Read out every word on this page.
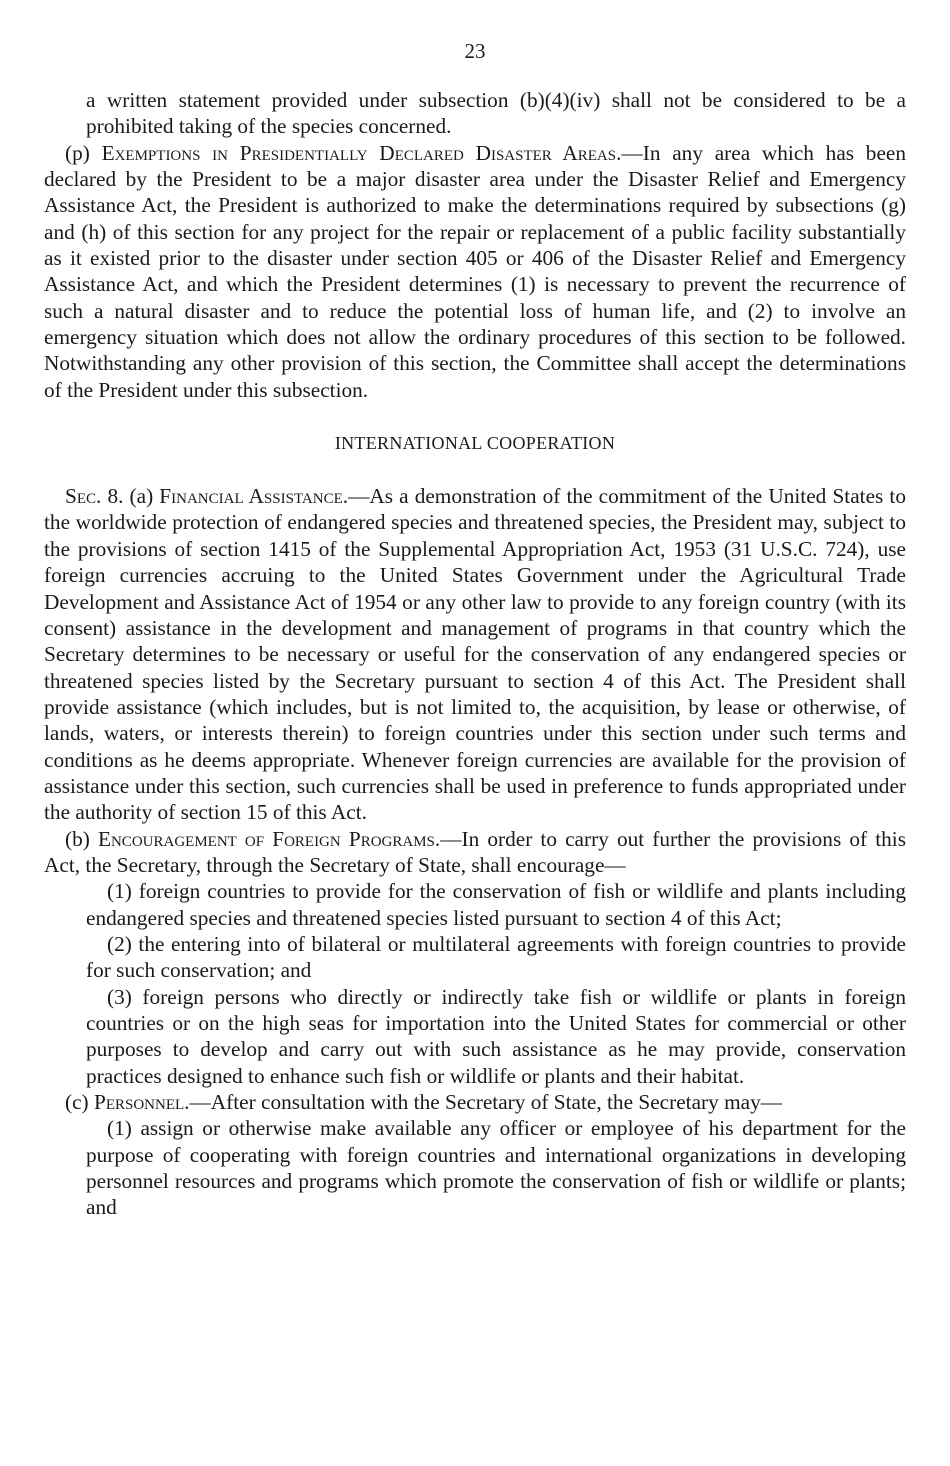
23

a written statement provided under subsection (b)(4)(iv) shall not be considered to be a prohibited taking of the species concerned.

(p) Exemptions in Presidentially Declared Disaster Areas.—In any area which has been declared by the President to be a major disaster area under the Disaster Relief and Emergency Assistance Act, the President is authorized to make the determinations required by subsections (g) and (h) of this section for any project for the repair or replacement of a public facility substantially as it existed prior to the disaster under section 405 or 406 of the Disaster Relief and Emergency Assistance Act, and which the President determines (1) is necessary to prevent the recurrence of such a natural disaster and to reduce the potential loss of human life, and (2) to involve an emergency situation which does not allow the ordinary procedures of this section to be followed. Notwithstanding any other provision of this section, the Committee shall accept the determinations of the President under this subsection.

INTERNATIONAL COOPERATION

Sec. 8. (a) Financial Assistance.—As a demonstration of the commitment of the United States to the worldwide protection of endangered species and threatened species, the President may, subject to the provisions of section 1415 of the Supplemental Appropriation Act, 1953 (31 U.S.C. 724), use foreign currencies accruing to the United States Government under the Agricultural Trade Development and Assistance Act of 1954 or any other law to provide to any foreign country (with its consent) assistance in the development and management of programs in that country which the Secretary determines to be necessary or useful for the conservation of any endangered species or threatened species listed by the Secretary pursuant to section 4 of this Act. The President shall provide assistance (which includes, but is not limited to, the acquisition, by lease or otherwise, of lands, waters, or interests therein) to foreign countries under this section under such terms and conditions as he deems appropriate. Whenever foreign currencies are available for the provision of assistance under this section, such currencies shall be used in preference to funds appropriated under the authority of section 15 of this Act.

(b) Encouragement of Foreign Programs.—In order to carry out further the provisions of this Act, the Secretary, through the Secretary of State, shall encourage—

(1) foreign countries to provide for the conservation of fish or wildlife and plants including endangered species and threatened species listed pursuant to section 4 of this Act;

(2) the entering into of bilateral or multilateral agreements with foreign countries to provide for such conservation; and

(3) foreign persons who directly or indirectly take fish or wildlife or plants in foreign countries or on the high seas for importation into the United States for commercial or other purposes to develop and carry out with such assistance as he may provide, conservation practices designed to enhance such fish or wildlife or plants and their habitat.

(c) Personnel.—After consultation with the Secretary of State, the Secretary may—

(1) assign or otherwise make available any officer or employee of his department for the purpose of cooperating with foreign countries and international organizations in developing personnel resources and programs which promote the conservation of fish or wildlife or plants; and
